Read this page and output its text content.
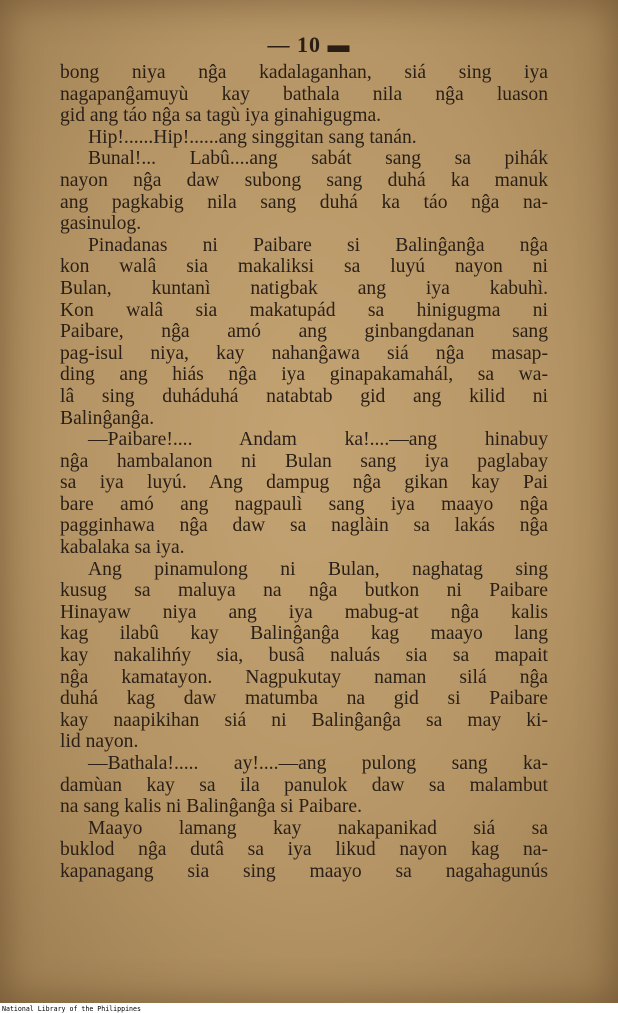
— 10 ▬
bong niya nĝa kadalaganhan, siá sing iya
nagapanĝamuyù kay bathala nila nĝa luason
gid ang táo nĝa sa tagù iya ginahigugma.
Hip!......Hip!......ang singgitan sang tanán.
Bunal!... Labû....ang sabát sang sa pihák
nayon nĝa daw subong sang duhá ka manuk
ang pagkabig nila sang duhá ka táo nĝa na-
gasinulog.
Pinadanas ni Paibare si Balinĝanĝa nĝa
kon walâ sia makaliksi sa luyú nayon ni
Bulan, kuntanì natigbak ang iya kabuhì.
Kon walâ sia makatupád sa hinigugma ni
Paibare, nĝa amó ang ginbangdanan sang
pag-isul niya, kay nahanĝawa siá nĝa masap-
ding ang hiás nĝa iya ginapakamahál, sa wa-
lâ sing duháduhá natabtab gid ang kilid ni
Balinĝanĝa.
—Paibare!.... Andam ka!....—ang hinabuy
nĝa hambalanon ni Bulan sang iya paglabay
sa iya luyú. Ang dampug nĝa gikan kay Pai
bare amó ang nagpaulì sang iya maayo nĝa
pagginhawa nĝa daw sa naglàin sa lakás nĝa
kabalaka sa iya.
Ang pinamulong ni Bulan, naghatag sing
kusug sa maluya na nĝa butkon ni Paibare
Hinayaw niya ang iya mabug-at nĝa kalis
kag ilabû kay Balinĝanĝa kag maayo lang
kay nakalihńy sia, busâ naluás sia sa mapait
nĝa kamatayon. Nagpukutay naman silá nĝa
duhá kag daw matumba na gid si Paibare
kay naapikihan siá ni Balinĝanĝa sa may ki-
lid nayon.
—Bathala!..... ay!....—ang pulong sang ka-
damùan kay sa ila panulok daw sa malambut
na sang kalis ni Balinĝanĝa si Paibare.
Maayo lamang kay nakapanikad siá sa
buklod nĝa dutâ sa iya likud nayon kag na-
kapanagang sia sing maayo sa nagahagunús
National Library of the Philippines
